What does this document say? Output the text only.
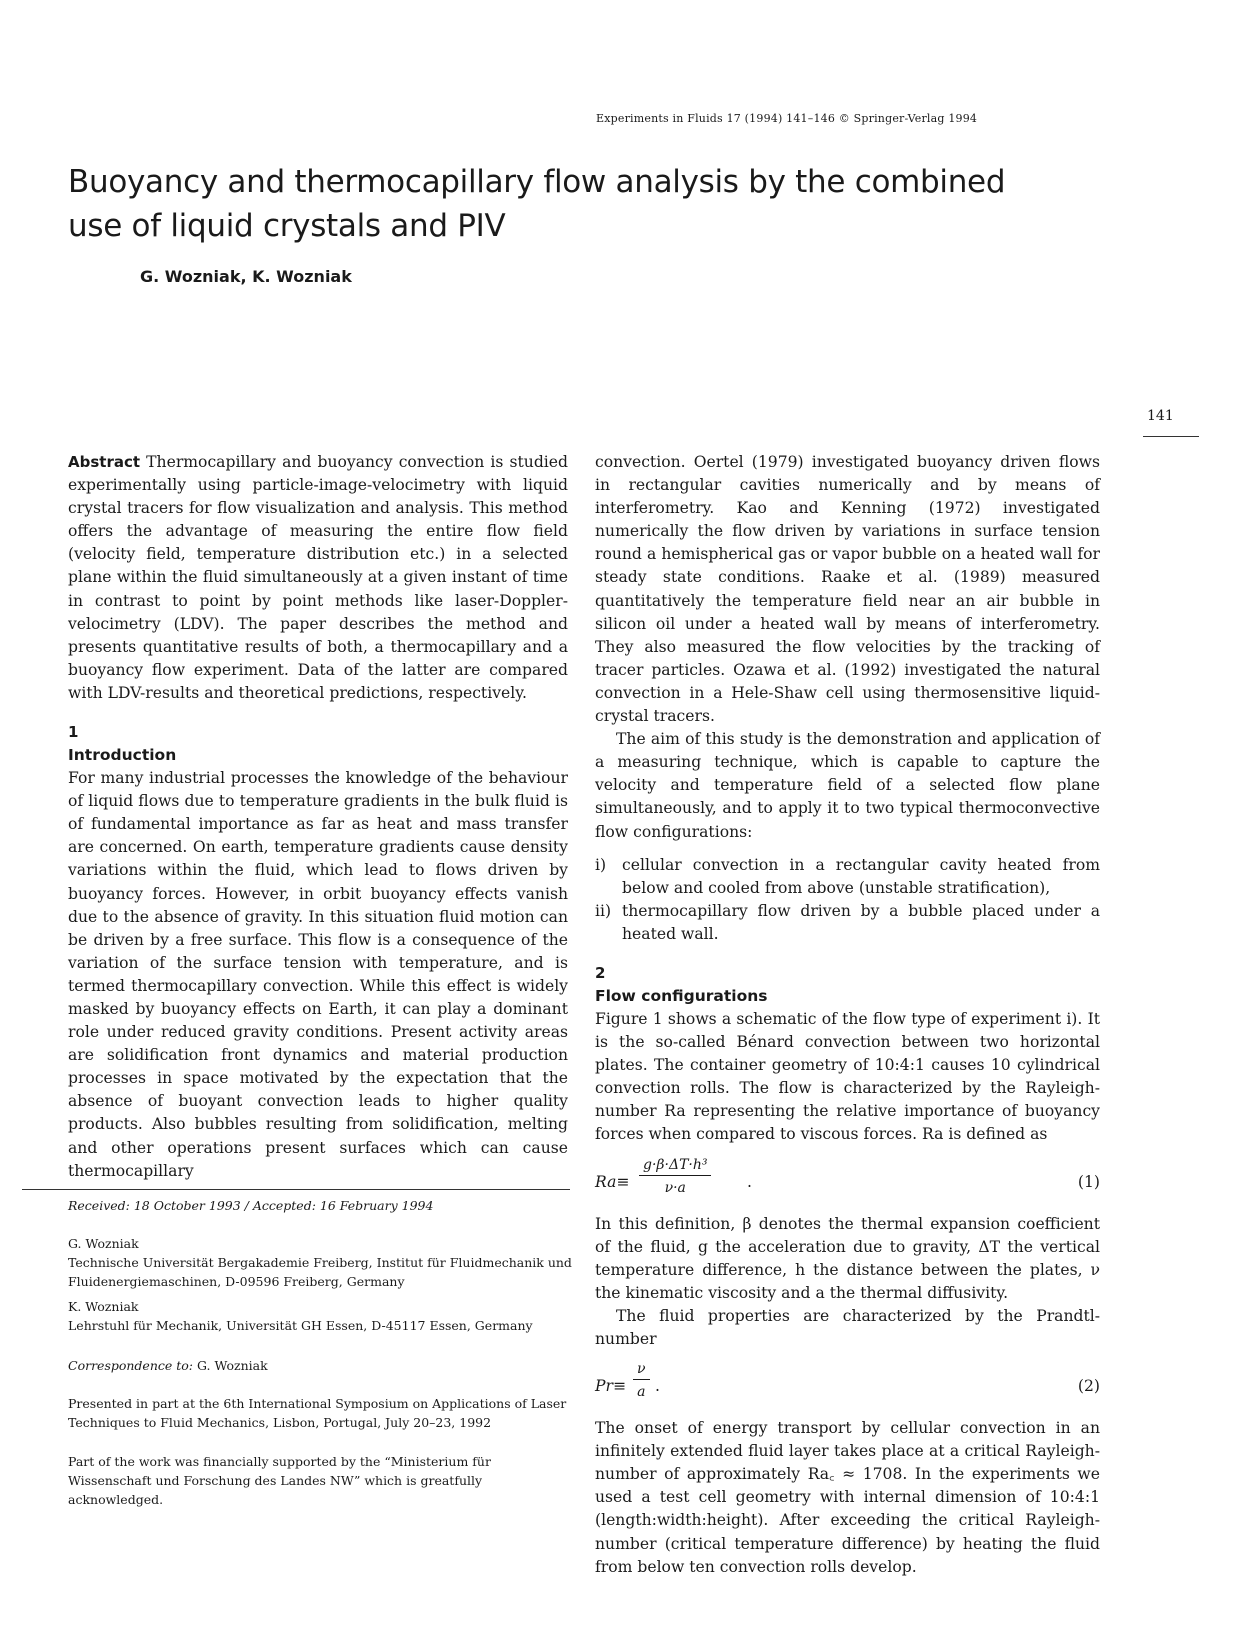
Experiments in Fluids 17 (1994) 141–146 © Springer-Verlag 1994
Buoyancy and thermocapillary flow analysis by the combined use of liquid crystals and PIV
G. Wozniak, K. Wozniak
141

Abstract Thermocapillary and buoyancy convection is studied experimentally using particle-image-velocimetry with liquid crystal tracers for flow visualization and analysis. This method offers the advantage of measuring the entire flow field (velocity field, temperature distribution etc.) in a selected plane within the fluid simultaneously at a given instant of time in contrast to point by point methods like laser-Doppler-velocimetry (LDV). The paper describes the method and presents quantitative results of both, a thermocapillary and a buoyancy flow experiment. Data of the latter are compared with LDV-results and theoretical predictions, respectively.

1
Introduction

For many industrial processes the knowledge of the behaviour of liquid flows due to temperature gradients in the bulk fluid is of fundamental importance as far as heat and mass transfer are concerned. On earth, temperature gradients cause density variations within the fluid, which lead to flows driven by buoyancy forces. However, in orbit buoyancy effects vanish due to the absence of gravity. In this situation fluid motion can be driven by a free surface. This flow is a consequence of the variation of the surface tension with temperature, and is termed thermocapillary convection. While this effect is widely masked by buoyancy effects on Earth, it can play a dominant role under reduced gravity conditions. Present activity areas are solidification front dynamics and material production processes in space motivated by the expectation that the absence of buoyant convection leads to higher quality products. Also bubbles resulting from solidification, melting and other operations present surfaces which can cause thermocapillary

convection. Oertel (1979) investigated buoyancy driven flows in rectangular cavities numerically and by means of interferometry. Kao and Kenning (1972) investigated numerically the flow driven by variations in surface tension round a hemispherical gas or vapor bubble on a heated wall for steady state conditions. Raake et al. (1989) measured quantitatively the temperature field near an air bubble in silicon oil under a heated wall by means of interferometry. They also measured the flow velocities by the tracking of tracer particles. Ozawa et al. (1992) investigated the natural convection in a Hele-Shaw cell using thermosensitive liquid-crystal tracers.

The aim of this study is the demonstration and application of a measuring technique, which is capable to capture the velocity and temperature field of a selected flow plane simultaneously, and to apply it to two typical thermoconvective flow configurations:

i) cellular convection in a rectangular cavity heated from below and cooled from above (unstable stratification),
ii) thermocapillary flow driven by a bubble placed under a heated wall.
2
Flow configurations

Figure 1 shows a schematic of the flow type of experiment i). It is the so-called Bénard convection between two horizontal plates. The container geometry of 10:4:1 causes 10 cylindrical convection rolls. The flow is characterized by the Rayleigh-number Ra representing the relative importance of buoyancy forces when compared to viscous forces. Ra is defined as

$Ra\equiv \frac{\text{g·β·ΔT·h³}}{\nu\cdot a}$ .	(1)

In this definition, β denotes the thermal expansion coefficient of the fluid, g the acceleration due to gravity, ΔT the vertical temperature difference, h the distance between the plates, ν the kinematic viscosity and a the thermal diffusivity.

The fluid properties are characterized by the Prandtl-number

$Pr\equiv \frac{\nu}{a}$ .	(2)

The onset of energy transport by cellular convection in an infinitely extended fluid layer takes place at a critical Rayleigh-number of approximately Ra꜀ ≈ 1708. In the experiments we used a test cell geometry with internal dimension of 10:4:1 (length:width:height). After exceeding the critical Rayleigh-number (critical temperature difference) by heating the fluid from below ten convection rolls develop.

Received: 18 October 1993 / Accepted: 16 February 1994

G. Wozniak

Technische Universität Bergakademie Freiberg, Institut für Fluidmechanik und Fluidenergiemaschinen, D-09596 Freiberg, Germany

K. Wozniak

Lehrstuhl für Mechanik, Universität GH Essen, D-45117 Essen, Germany

Correspondence to: G. Wozniak
Presented in part at the 6th International Symposium on Applications of Laser Techniques to Fluid Mechanics, Lisbon, Portugal, July 20–23, 1992
Part of the work was financially supported by the “Ministerium für Wissenschaft und Forschung des Landes NW” which is greatfully acknowledged.
